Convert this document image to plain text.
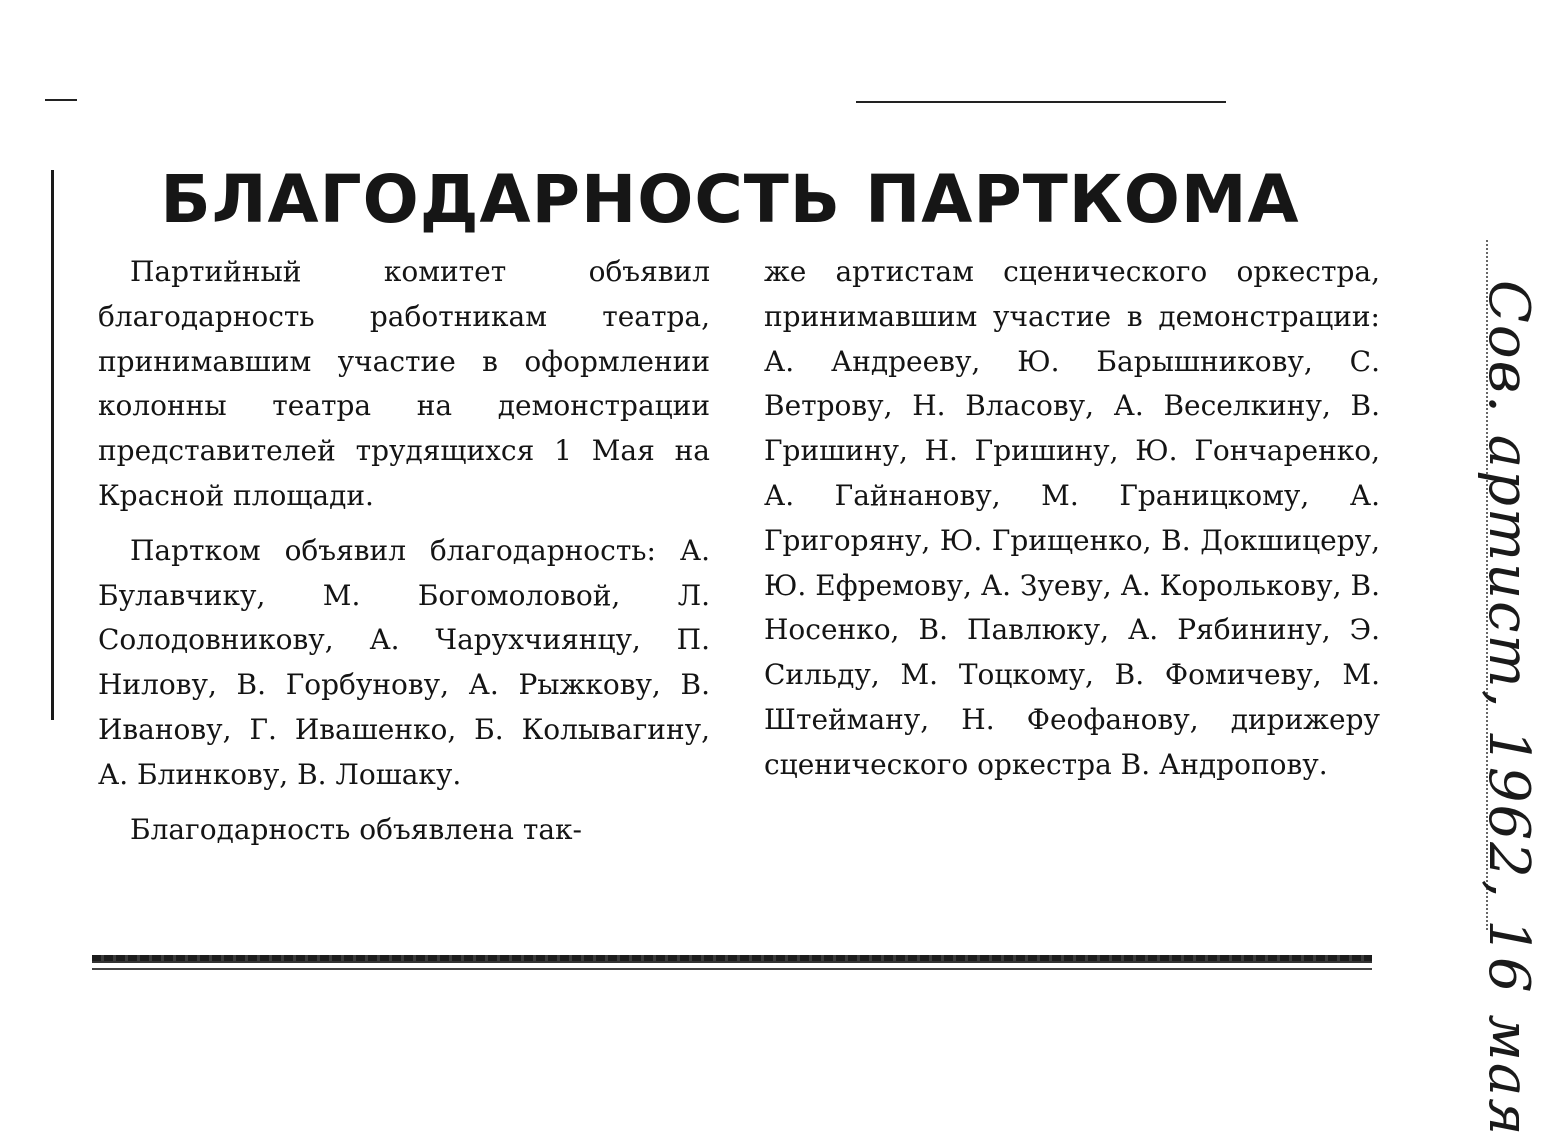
БЛАГОДАРНОСТЬ ПАРТКОМА

Партийный комитет объявил благодарность работникам театра, принимавшим участие в оформлении колонны театра на демонстрации представителей трудящихся 1 Мая на Красной площади.

Партком объявил благодарность: А. Булавчику, М. Богомоловой, Л. Солодовникову, А. Чарухчиянцу, П. Нилову, В. Горбунову, А. Рыжкову, В. Иванову, Г. Ивашенко, Б. Колывагину, А. Блинкову, В. Лошаку.

Благодарность объявлена так-

же артистам сценического оркестра, принимавшим участие в демонстрации: А. Андрееву, Ю. Барышникову, С. Ветрову, Н. Власову, А. Веселкину, В. Гришину, Н. Гришину, Ю. Гончаренко, А. Гайнанову, М. Границкому, А. Григоряну, Ю. Грищенко, В. Докшицеру, Ю. Ефремову, А. Зуеву, А. Королькову, В. Носенко, В. Павлюку, А. Рябинину, Э. Сильду, М. Тоцкому, В. Фомичеву, М. Штейману, Н. Феофанову, дирижеру сценического оркестра В. Андропову.	Сов. артист, 1962, 16 мая
